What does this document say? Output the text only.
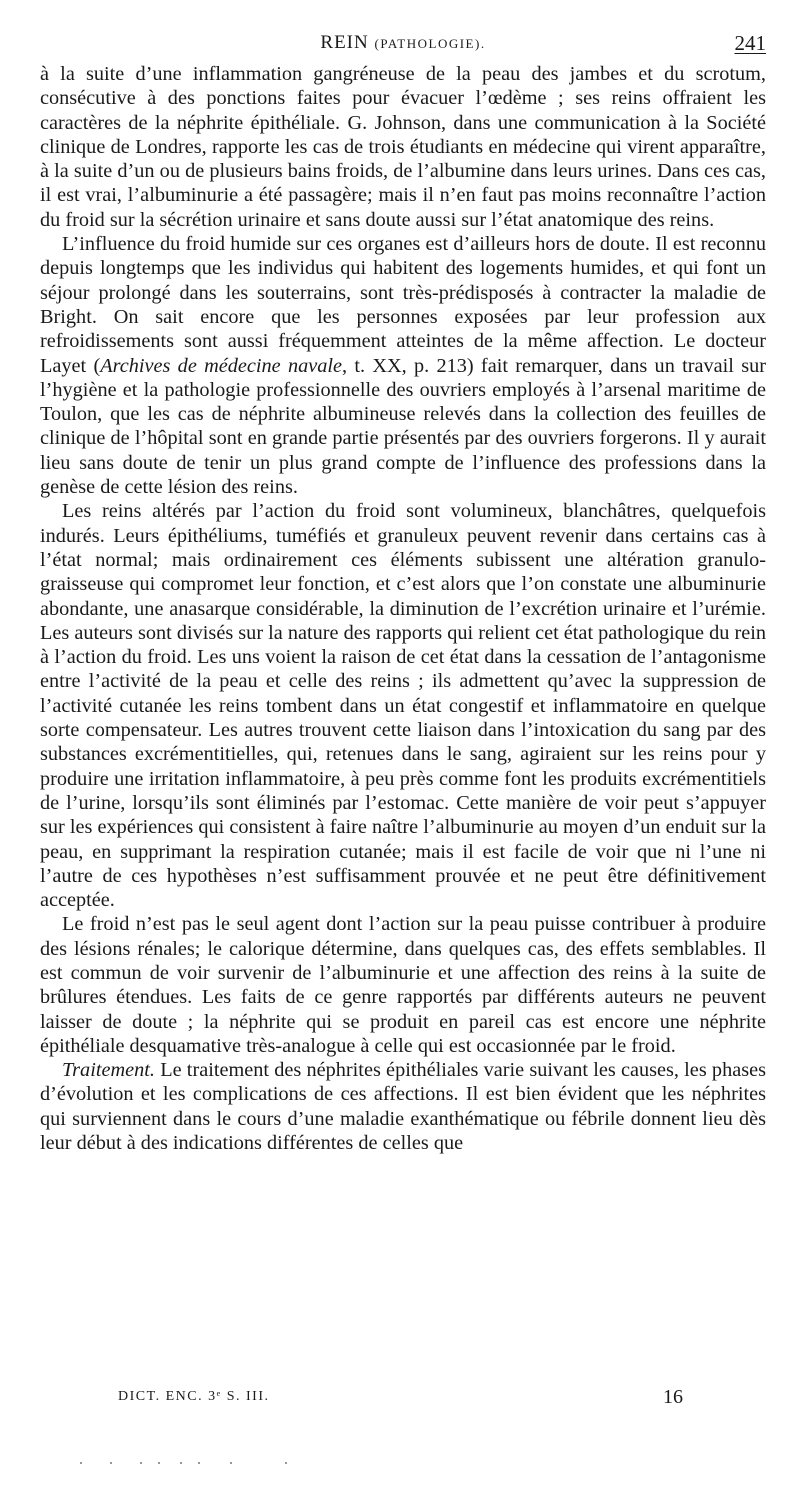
REIN (PATHOLOGIE).	241

à la suite d’une inflammation gangréneuse de la peau des jambes et du scrotum, consécutive à des ponctions faites pour évacuer l’œdème ; ses reins offraient les caractères de la néphrite épithéliale. G. Johnson, dans une communication à la Société clinique de Londres, rapporte les cas de trois étudiants en médecine qui virent apparaître, à la suite d’un ou de plusieurs bains froids, de l’albumine dans leurs urines. Dans ces cas, il est vrai, l’albuminurie a été passagère; mais il n’en faut pas moins reconnaître l’action du froid sur la sécrétion urinaire et sans doute aussi sur l’état anatomique des reins.

L’influence du froid humide sur ces organes est d’ailleurs hors de doute. Il est reconnu depuis longtemps que les individus qui habitent des logements humides, et qui font un séjour prolongé dans les souterrains, sont très-prédisposés à contracter la maladie de Bright. On sait encore que les personnes exposées par leur profession aux refroidissements sont aussi fréquemment atteintes de la même affection. Le docteur Layet (Archives de médecine navale, t. XX, p. 213) fait remarquer, dans un travail sur l’hygiène et la pathologie professionnelle des ouvriers employés à l’arsenal maritime de Toulon, que les cas de néphrite albumineuse relevés dans la collection des feuilles de clinique de l’hôpital sont en grande partie présentés par des ouvriers forgerons. Il y aurait lieu sans doute de tenir un plus grand compte de l’influence des professions dans la genèse de cette lésion des reins.

Les reins altérés par l’action du froid sont volumineux, blanchâtres, quelquefois indurés. Leurs épithéliums, tuméfiés et granuleux peuvent revenir dans certains cas à l’état normal; mais ordinairement ces éléments subissent une altération granulo-graisseuse qui compromet leur fonction, et c’est alors que l’on constate une albuminurie abondante, une anasarque considérable, la diminution de l’excrétion urinaire et l’urémie. Les auteurs sont divisés sur la nature des rapports qui relient cet état pathologique du rein à l’action du froid. Les uns voient la raison de cet état dans la cessation de l’antagonisme entre l’activité de la peau et celle des reins ; ils admettent qu’avec la suppression de l’activité cutanée les reins tombent dans un état congestif et inflammatoire en quelque sorte compensateur. Les autres trouvent cette liaison dans l’intoxication du sang par des substances excrémentitielles, qui, retenues dans le sang, agiraient sur les reins pour y produire une irritation inflammatoire, à peu près comme font les produits excrémentitiels de l’urine, lorsqu’ils sont éliminés par l’estomac. Cette manière de voir peut s’appuyer sur les expériences qui consistent à faire naître l’albuminurie au moyen d’un enduit sur la peau, en supprimant la respiration cutanée; mais il est facile de voir que ni l’une ni l’autre de ces hypothèses n’est suffisamment prouvée et ne peut être définitivement acceptée.

Le froid n’est pas le seul agent dont l’action sur la peau puisse contribuer à produire des lésions rénales; le calorique détermine, dans quelques cas, des effets semblables. Il est commun de voir survenir de l’albuminurie et une affection des reins à la suite de brûlures étendues. Les faits de ce genre rapportés par différents auteurs ne peuvent laisser de doute ; la néphrite qui se produit en pareil cas est encore une néphrite épithéliale desquamative très-analogue à celle qui est occasionnée par le froid.

Traitement. Le traitement des néphrites épithéliales varie suivant les causes, les phases d’évolution et les complications de ces affections. Il est bien évident que les néphrites qui surviennent dans le cours d’une maladie exanthématique ou fébrile donnent lieu dès leur début à des indications différentes de celles que

DICT. ENC. 3ᵉ S. III.	16
